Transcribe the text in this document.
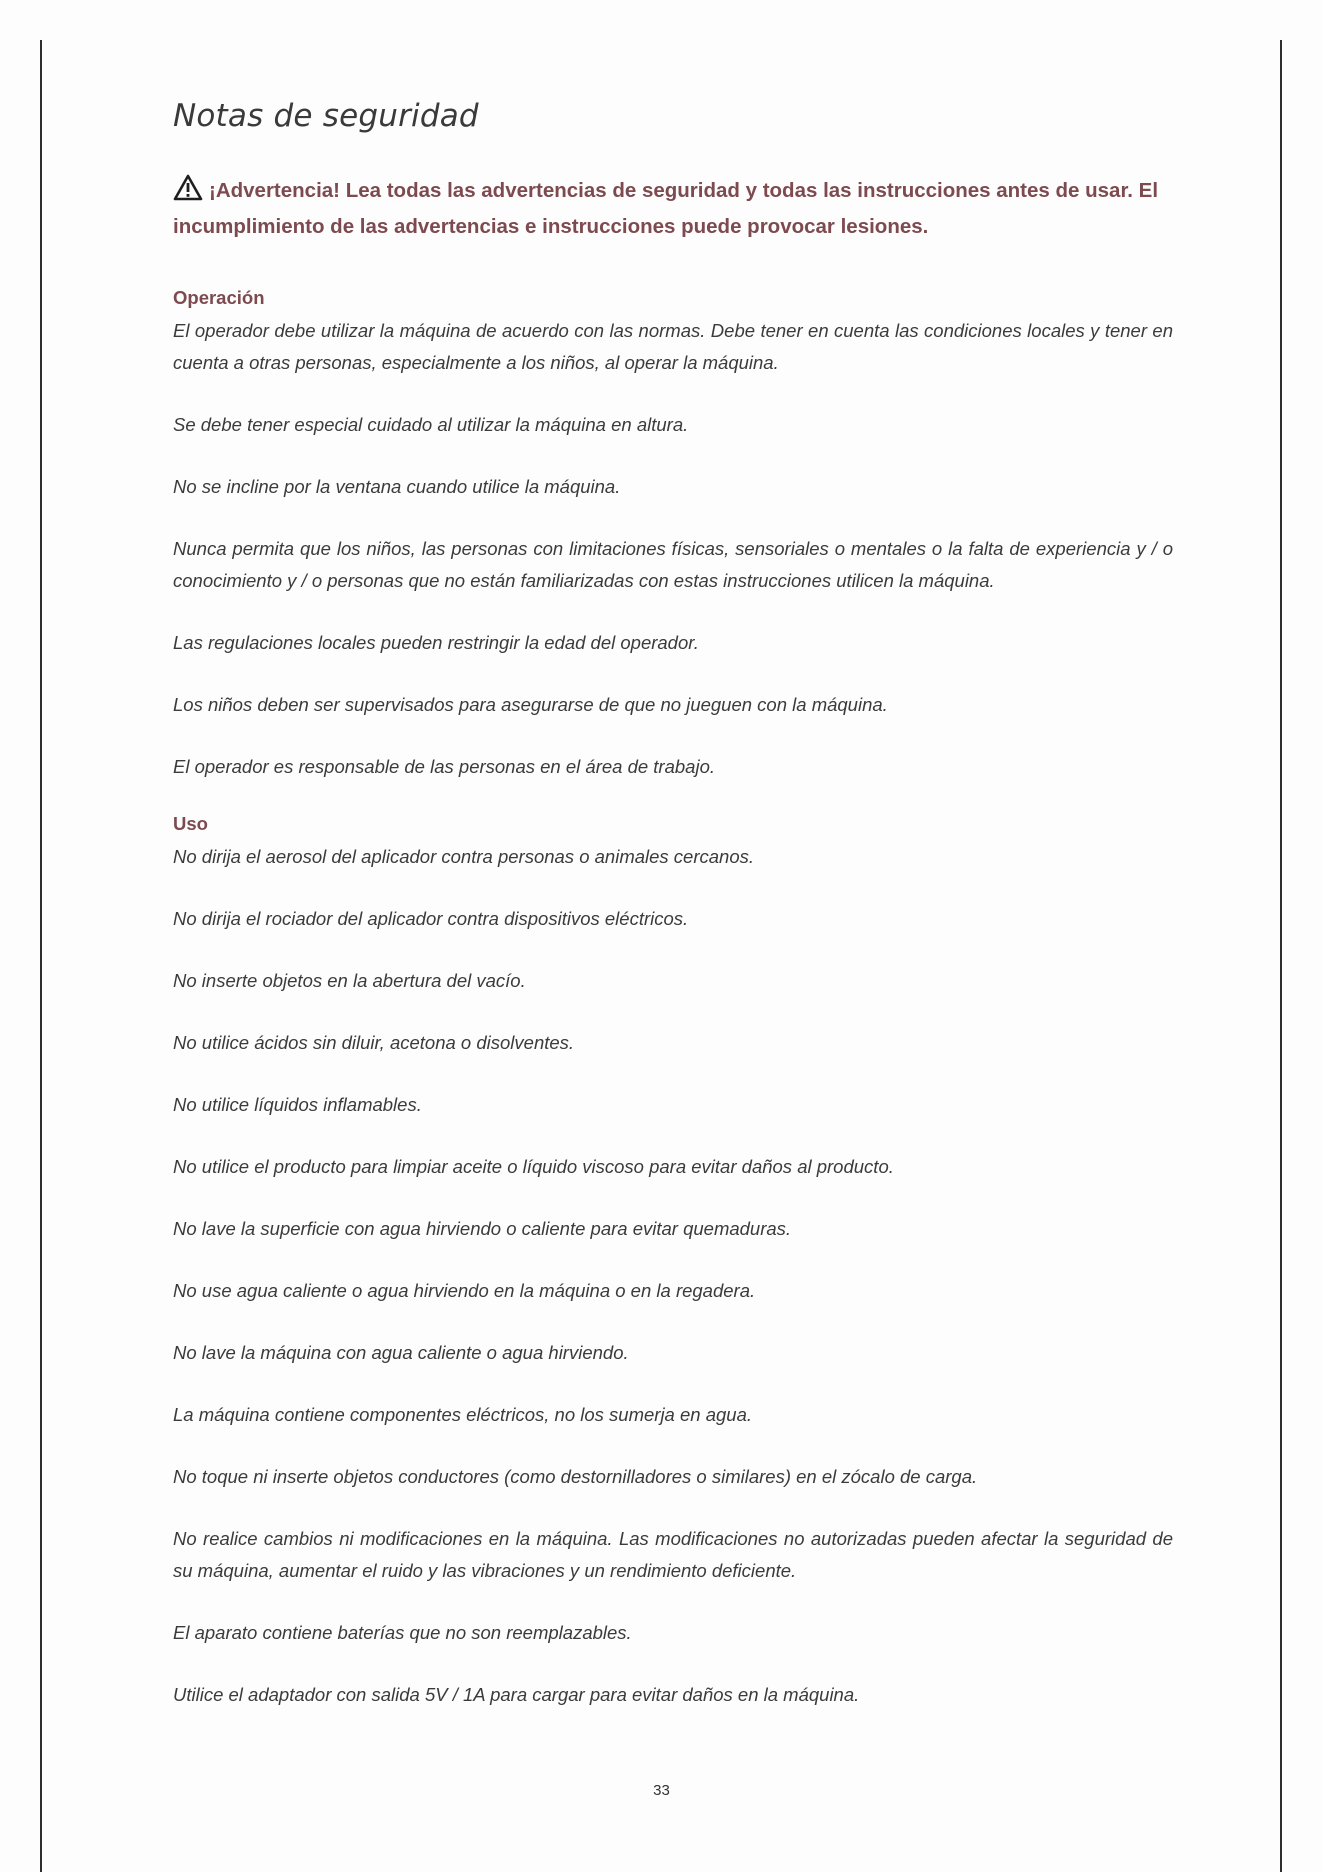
Notas de seguridad

¡Advertencia! Lea todas las advertencias de seguridad y todas las instrucciones antes de usar. El incumplimiento de las advertencias e instrucciones puede provocar lesiones.

Operación

El operador debe utilizar la máquina de acuerdo con las normas. Debe tener en cuenta las condiciones locales y tener en cuenta a otras personas, especialmente a los niños, al operar la máquina.

Se debe tener especial cuidado al utilizar la máquina en altura.

No se incline por la ventana cuando utilice la máquina.

Nunca permita que los niños, las personas con limitaciones físicas, sensoriales o mentales o la falta de experiencia y / o conocimiento y / o personas que no están familiarizadas con estas instrucciones utilicen la máquina.

Las regulaciones locales pueden restringir la edad del operador.

Los niños deben ser supervisados para asegurarse de que no jueguen con la máquina.

El operador es responsable de las personas en el área de trabajo.

Uso

No dirija el aerosol del aplicador contra personas o animales cercanos.

No dirija el rociador del aplicador contra dispositivos eléctricos.

No inserte objetos en la abertura del vacío.

No utilice ácidos sin diluir, acetona o disolventes.

No utilice líquidos inflamables.

No utilice el producto para limpiar aceite o líquido viscoso para evitar daños al producto.

No lave la superficie con agua hirviendo o caliente para evitar quemaduras.

No use agua caliente o agua hirviendo en la máquina o en la regadera.

No lave la máquina con agua caliente o agua hirviendo.

La máquina contiene componentes eléctricos, no los sumerja en agua.

No toque ni inserte objetos conductores (como destornilladores o similares) en el zócalo de carga.

No realice cambios ni modificaciones en la máquina. Las modificaciones no autorizadas pueden afectar la seguridad de su máquina, aumentar el ruido y las vibraciones y un rendimiento deficiente.

El aparato contiene baterías que no son reemplazables.

Utilice el adaptador con salida 5V / 1A para cargar para evitar daños en la máquina.

33
